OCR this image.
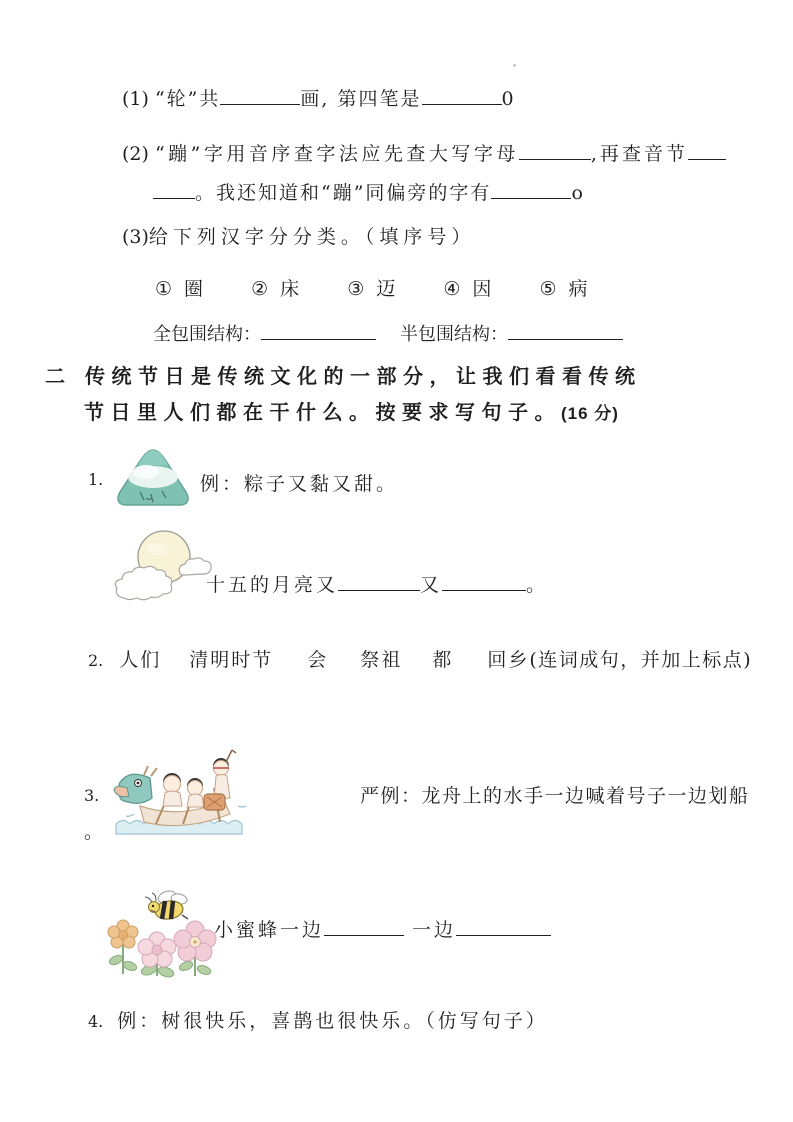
(1) “轮”共	画, 第四笔是	0
(2) “蹦”字用音序查字法应先查大写字母	,再查音节
。我还知道和“蹦”同偏旁的字有	o
(3)给下列汉字分分类。（填序号）
① 圈	② 床	③ 迈	④ 因	⑤ 病
全包围结构：	半包围结构：
二 传统节日是传统文化的一部分，让我们看看传统
节日里人们都在干什么。按要求写句子。(16 分)
1.	例：粽子又黏又甜。
十五的月亮又	又	。
2. 人们 清明时节 会 祭祖 都 回乡(连词成句，并加上标点)
3.	严例：龙舟上的水手一边喊着号子一边划船
。
小蜜蜂一边	一边
4. 例：树很快乐，喜鹊也很快乐。（仿写句子）
